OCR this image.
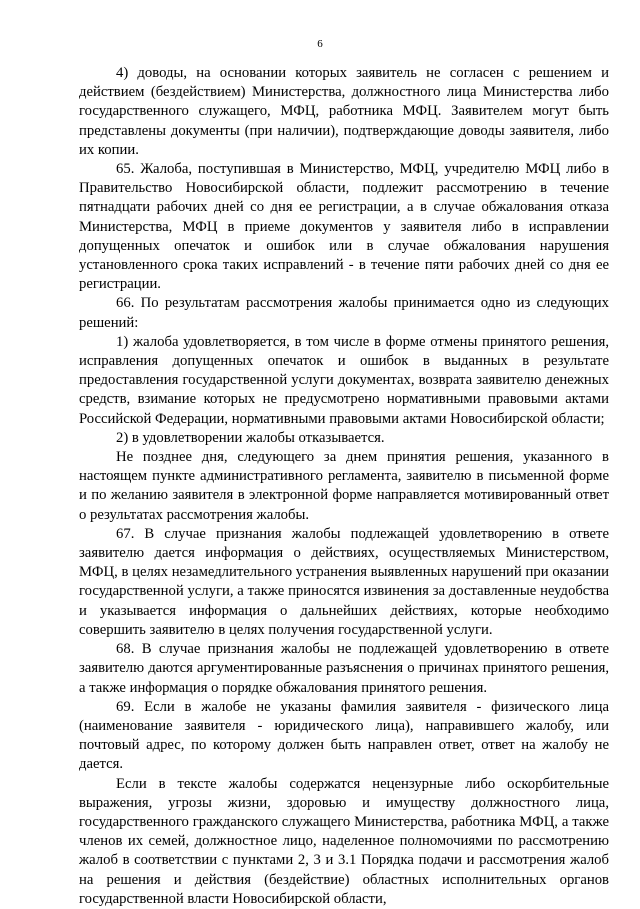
6

4) доводы, на основании которых заявитель не согласен с решением и действием (бездействием) Министерства, должностного лица Министерства либо государственного служащего, МФЦ, работника МФЦ. Заявителем могут быть представлены документы (при наличии), подтверждающие доводы заявителя, либо их копии.

65. Жалоба, поступившая в Министерство, МФЦ, учредителю МФЦ либо в Правительство Новосибирской области, подлежит рассмотрению в течение пятнадцати рабочих дней со дня ее регистрации, а в случае обжалования отказа Министерства, МФЦ в приеме документов у заявителя либо в исправлении допущенных опечаток и ошибок или в случае обжалования нарушения установленного срока таких исправлений - в течение пяти рабочих дней со дня ее регистрации.

66. По результатам рассмотрения жалобы принимается одно из следующих решений:

1) жалоба удовлетворяется, в том числе в форме отмены принятого решения, исправления допущенных опечаток и ошибок в выданных в результате предоставления государственной услуги документах, возврата заявителю денежных средств, взимание которых не предусмотрено нормативными правовыми актами Российской Федерации, нормативными правовыми актами Новосибирской области;

2) в удовлетворении жалобы отказывается.

Не позднее дня, следующего за днем принятия решения, указанного в настоящем пункте административного регламента, заявителю в письменной форме и по желанию заявителя в электронной форме направляется мотивированный ответ о результатах рассмотрения жалобы.

67. В случае признания жалобы подлежащей удовлетворению в ответе заявителю дается информация о действиях, осуществляемых Министерством, МФЦ, в целях незамедлительного устранения выявленных нарушений при оказании государственной услуги, а также приносятся извинения за доставленные неудобства и указывается информация о дальнейших действиях, которые необходимо совершить заявителю в целях получения государственной услуги.

68. В случае признания жалобы не подлежащей удовлетворению в ответе заявителю даются аргументированные разъяснения о причинах принятого решения, а также информация о порядке обжалования принятого решения.

69. Если в жалобе не указаны фамилия заявителя - физического лица (наименование заявителя - юридического лица), направившего жалобу, или почтовый адрес, по которому должен быть направлен ответ, ответ на жалобу не дается.

Если в тексте жалобы содержатся нецензурные либо оскорбительные выражения, угрозы жизни, здоровью и имуществу должностного лица, государственного гражданского служащего Министерства, работника МФЦ, а также членов их семей, должностное лицо, наделенное полномочиями по рассмотрению жалоб в соответствии с пунктами 2, 3 и 3.1 Порядка подачи и рассмотрения жалоб на решения и действия (бездействие) областных исполнительных органов государственной власти Новосибирской области,
